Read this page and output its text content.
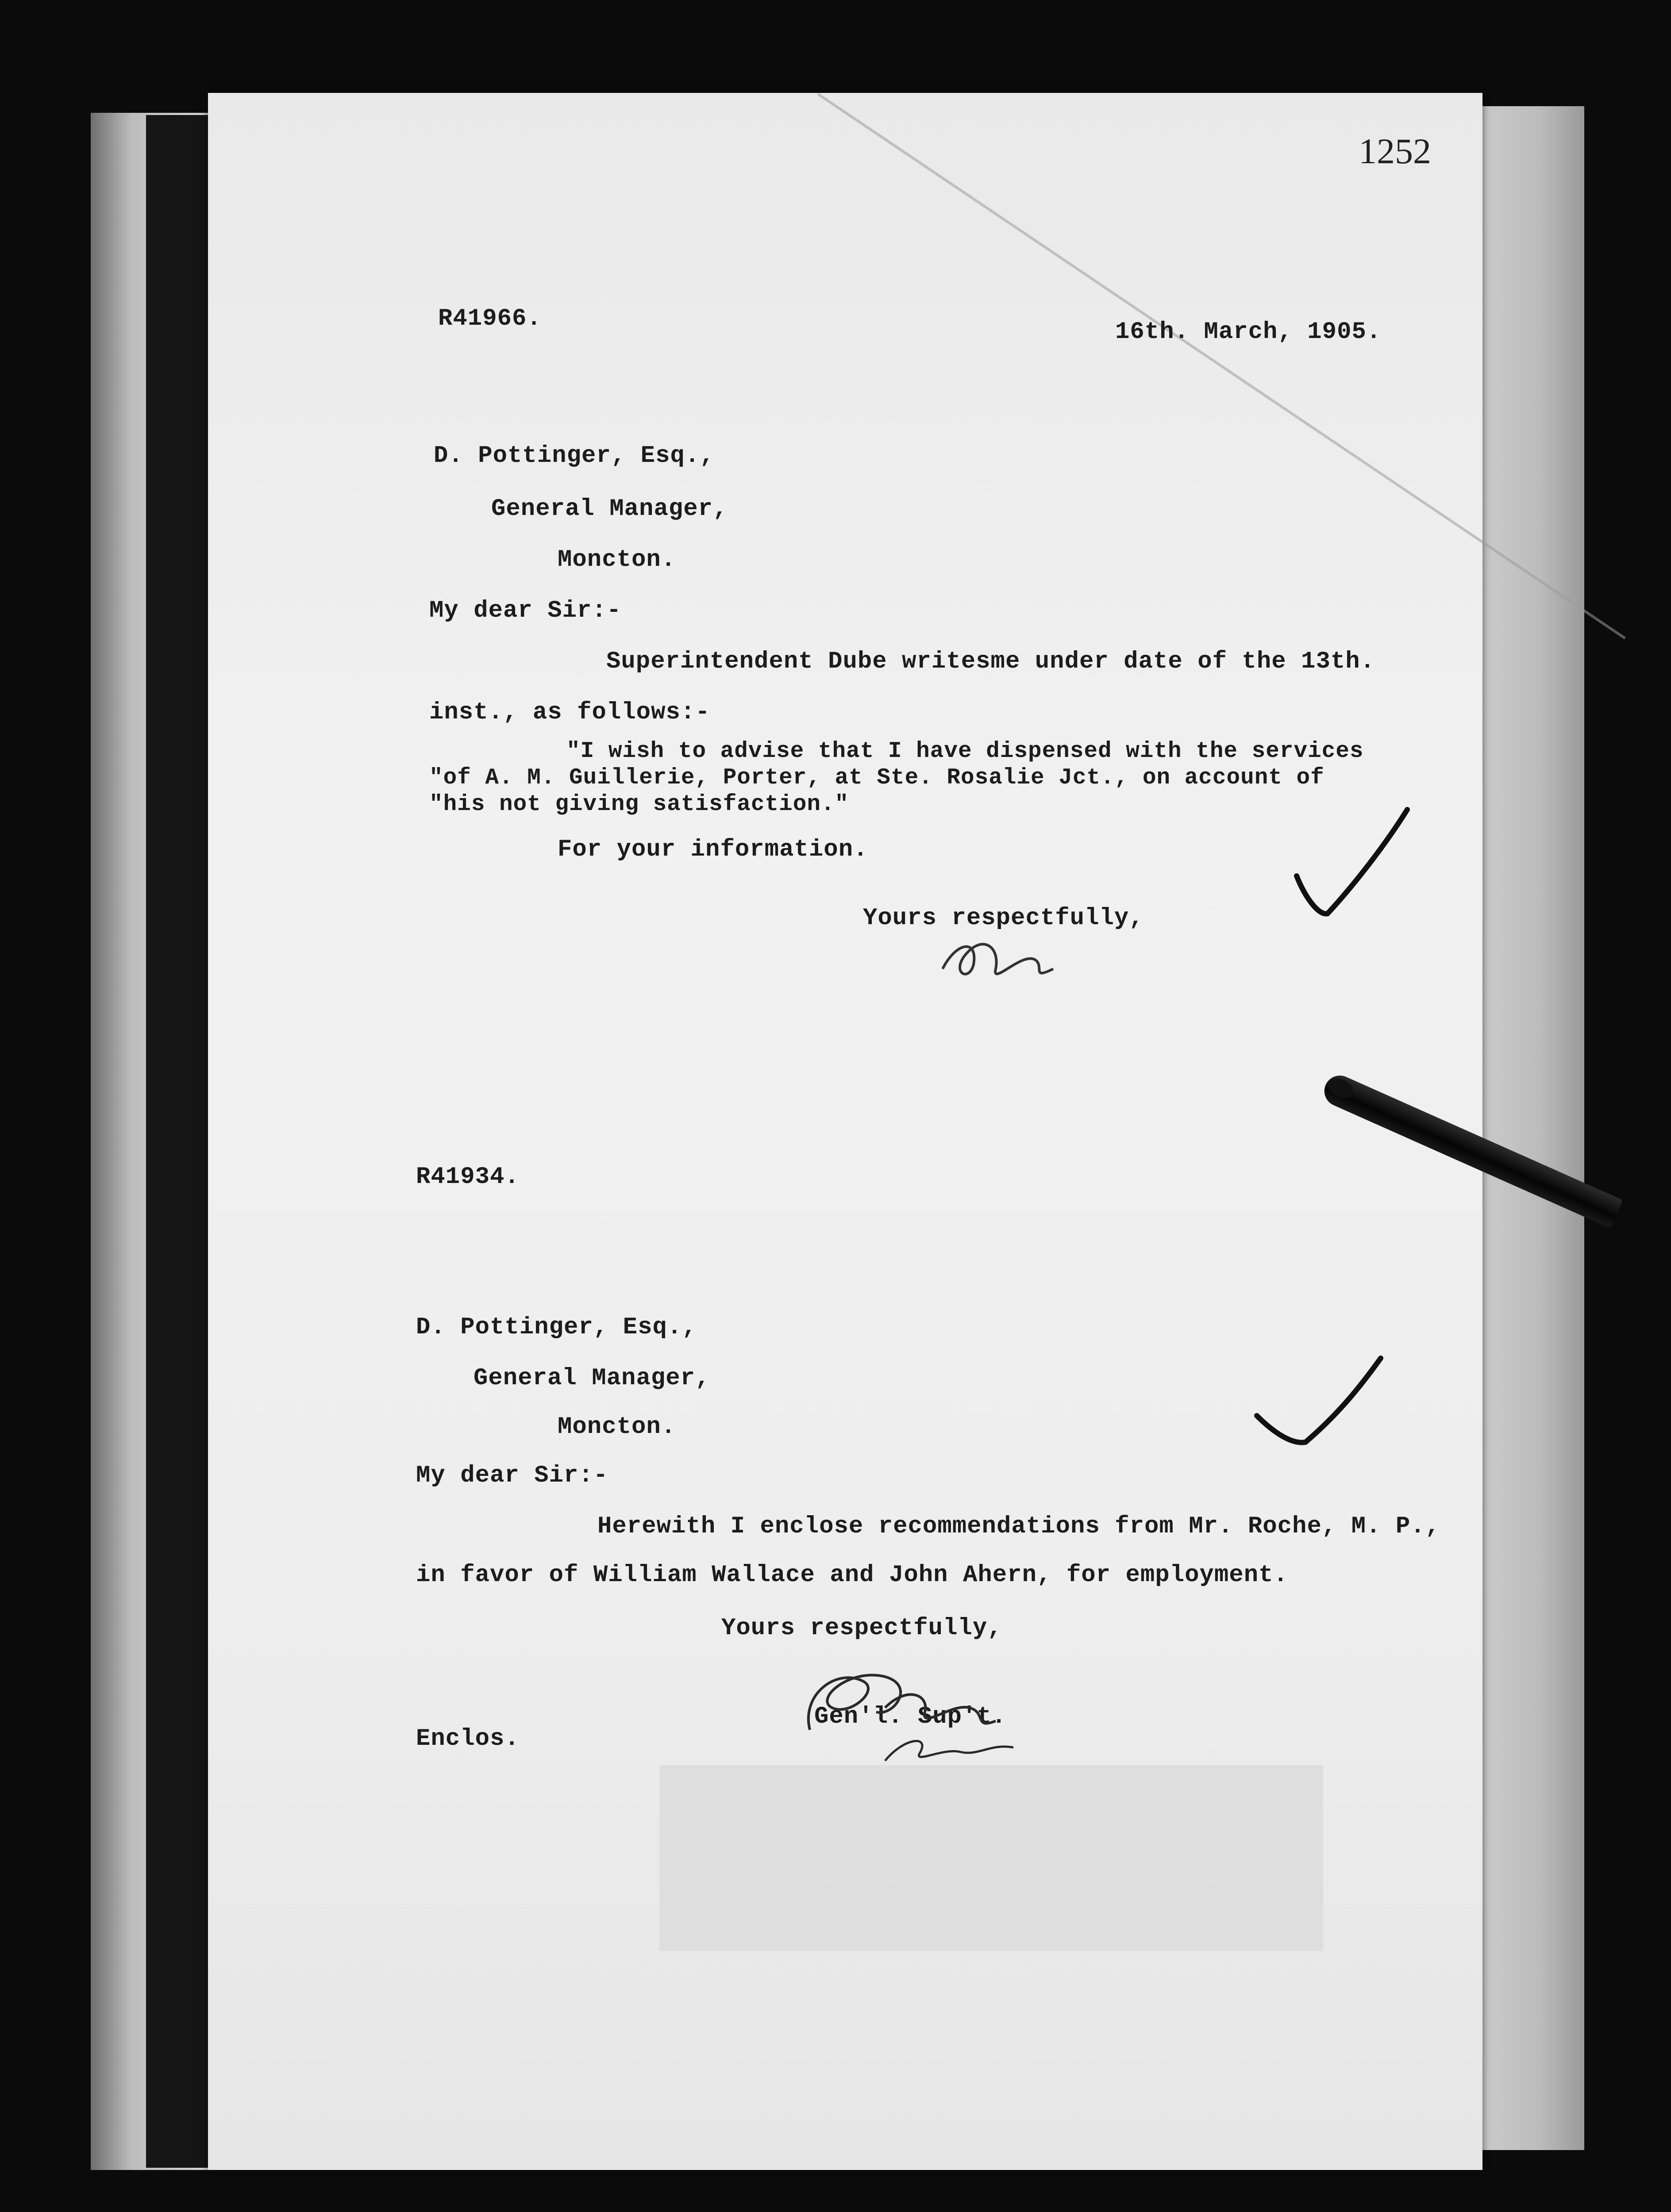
1252
R41966.	16th. March, 1905.
D. Pottinger, Esq.,
General Manager,
Moncton.
My dear Sir:-
Superintendent Dube writesme under date of the 13th.
inst., as follows:-
"I wish to advise that I have dispensed with the services
"of A. M. Guillerie, Porter, at Ste. Rosalie Jct., on account of
"his not giving satisfaction."
For your information.
Yours respectfully,
R41934.
D. Pottinger, Esq.,
General Manager,
Moncton.
My dear Sir:-
Herewith I enclose recommendations from Mr. Roche, M. P.,
in favor of William Wallace and John Ahern, for employment.
Yours respectfully,
Gen'l. Sup't.
Enclos.
